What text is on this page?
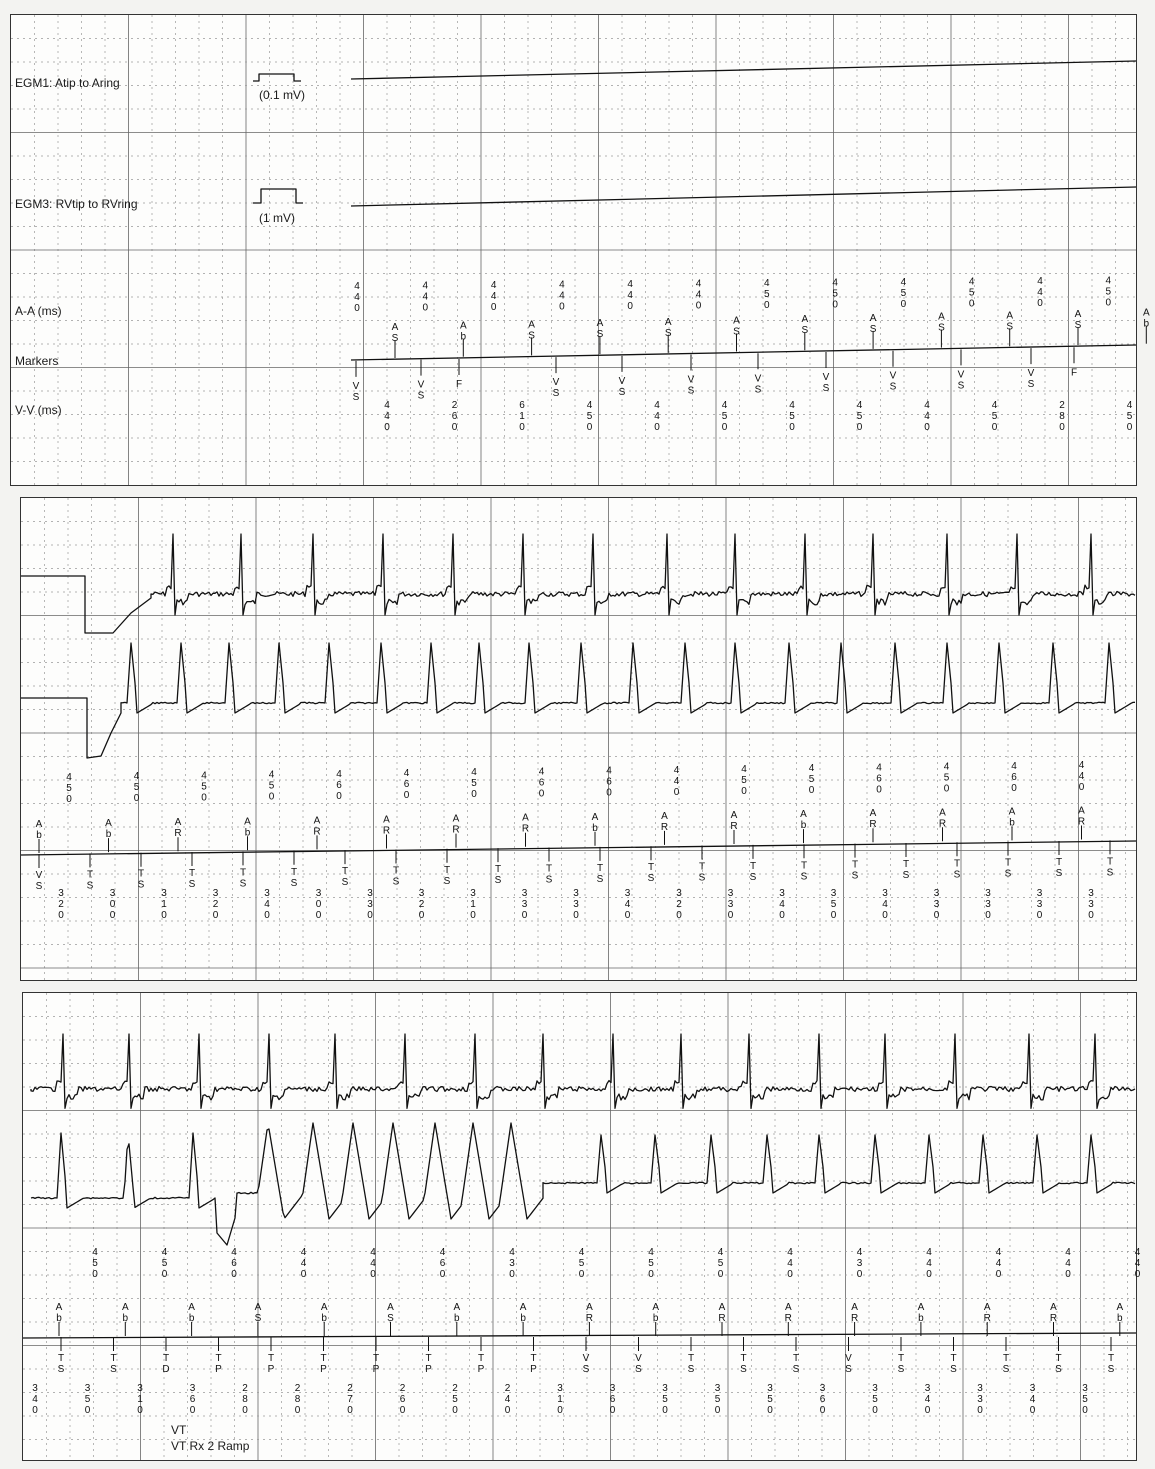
A
S
A
b
A
S
A
S
A
S
A
S
A
S
A
S
A
S
A
S
A
S
A
b
4
4
0
4
4
0
4
4
0
4
4
0
4
4
0
4
4
0
4
5
0
4
5
0
4
5
0
4
5
0
4
4
0
4
5
0
V
S
V
S
F	V
S
V
S
V
S
V
S
V
S
V
S
V
S
V
S
F
4
4
0
2
6
0
6
1
0
4
5
0
4
4
0
4
5
0
4
5
0
4
5
0
4
4
0
4
5
0
2
8
0
4
5
0
EGM1: Atip to Aring
(0.1 mV)
EGM3: RVtip to RVring
(1 mV)
A-A (ms)
Markers
V-V (ms)
4
5
0
4
5
0
4
5
0
4
5
0
4
6
0
4
6
0
4
5
0
4
6
0
4
6
0
4
4
0
4
5
0
4
5
0
4
6
0
4
5
0
4
6
0
4
4
0
A
b
A
b
A
R
A
b
A
R
A
R
A
R
A
R
A
b
A
R
A
R
A
b
A
R
A
R
A
b
A
R
V
S
T
S
T
S
T
S
T
S
T
S
T
S
T
S
T
S
T
S
T
S
T
S
T
S
T
S
T
S
T
S
T
S
T
S
T
S
T
S
T
S
T
S
3
2
0
3
0
0
3
1
0
3
2
0
3
4
0
3
0
0
3
3
0
3
2
0
3
1
0
3
3
0
3
3
0
3
4
0
3
2
0
3
3
0
3
4
0
3
5
0
3
4
0
3
3
0
3
3
0
3
3
0
3
3
0
4
5
0
4
5
0
4
6
0
4
4
0
4
4
0
4
6
0
4
3
0
4
5
0
4
5
0
4
5
0
4
4
0
4
3
0
4
4
0
4
4
0
4
4
0
4
4
0
A
b
A
b
A
b
A
S
A
b
A
S
A
b
A
b
A
R
A
b
A
R
A
R
A
R
A
b
A
R
A
R
A
b
T
S
T
S
T
D
T
P
T
P
T
P
T
P
T
P
T
P
T
P
V
S
V
S
T
S
T
S
T
S
V
S
T
S
T
S
T
S
T
S
T
S
3
4
0
3
5
0
3
1
0
3
6
0
2
8
0
2
8
0
2
7
0
2
6
0
2
5
0
2
4
0
3
1
0
3
6
0
3
5
0
3
5
0
3
5
0
3
6
0
3
5
0
3
4
0
3
3
0
3
4
0
3
5
0
VT
VT Rx 2 Ramp
